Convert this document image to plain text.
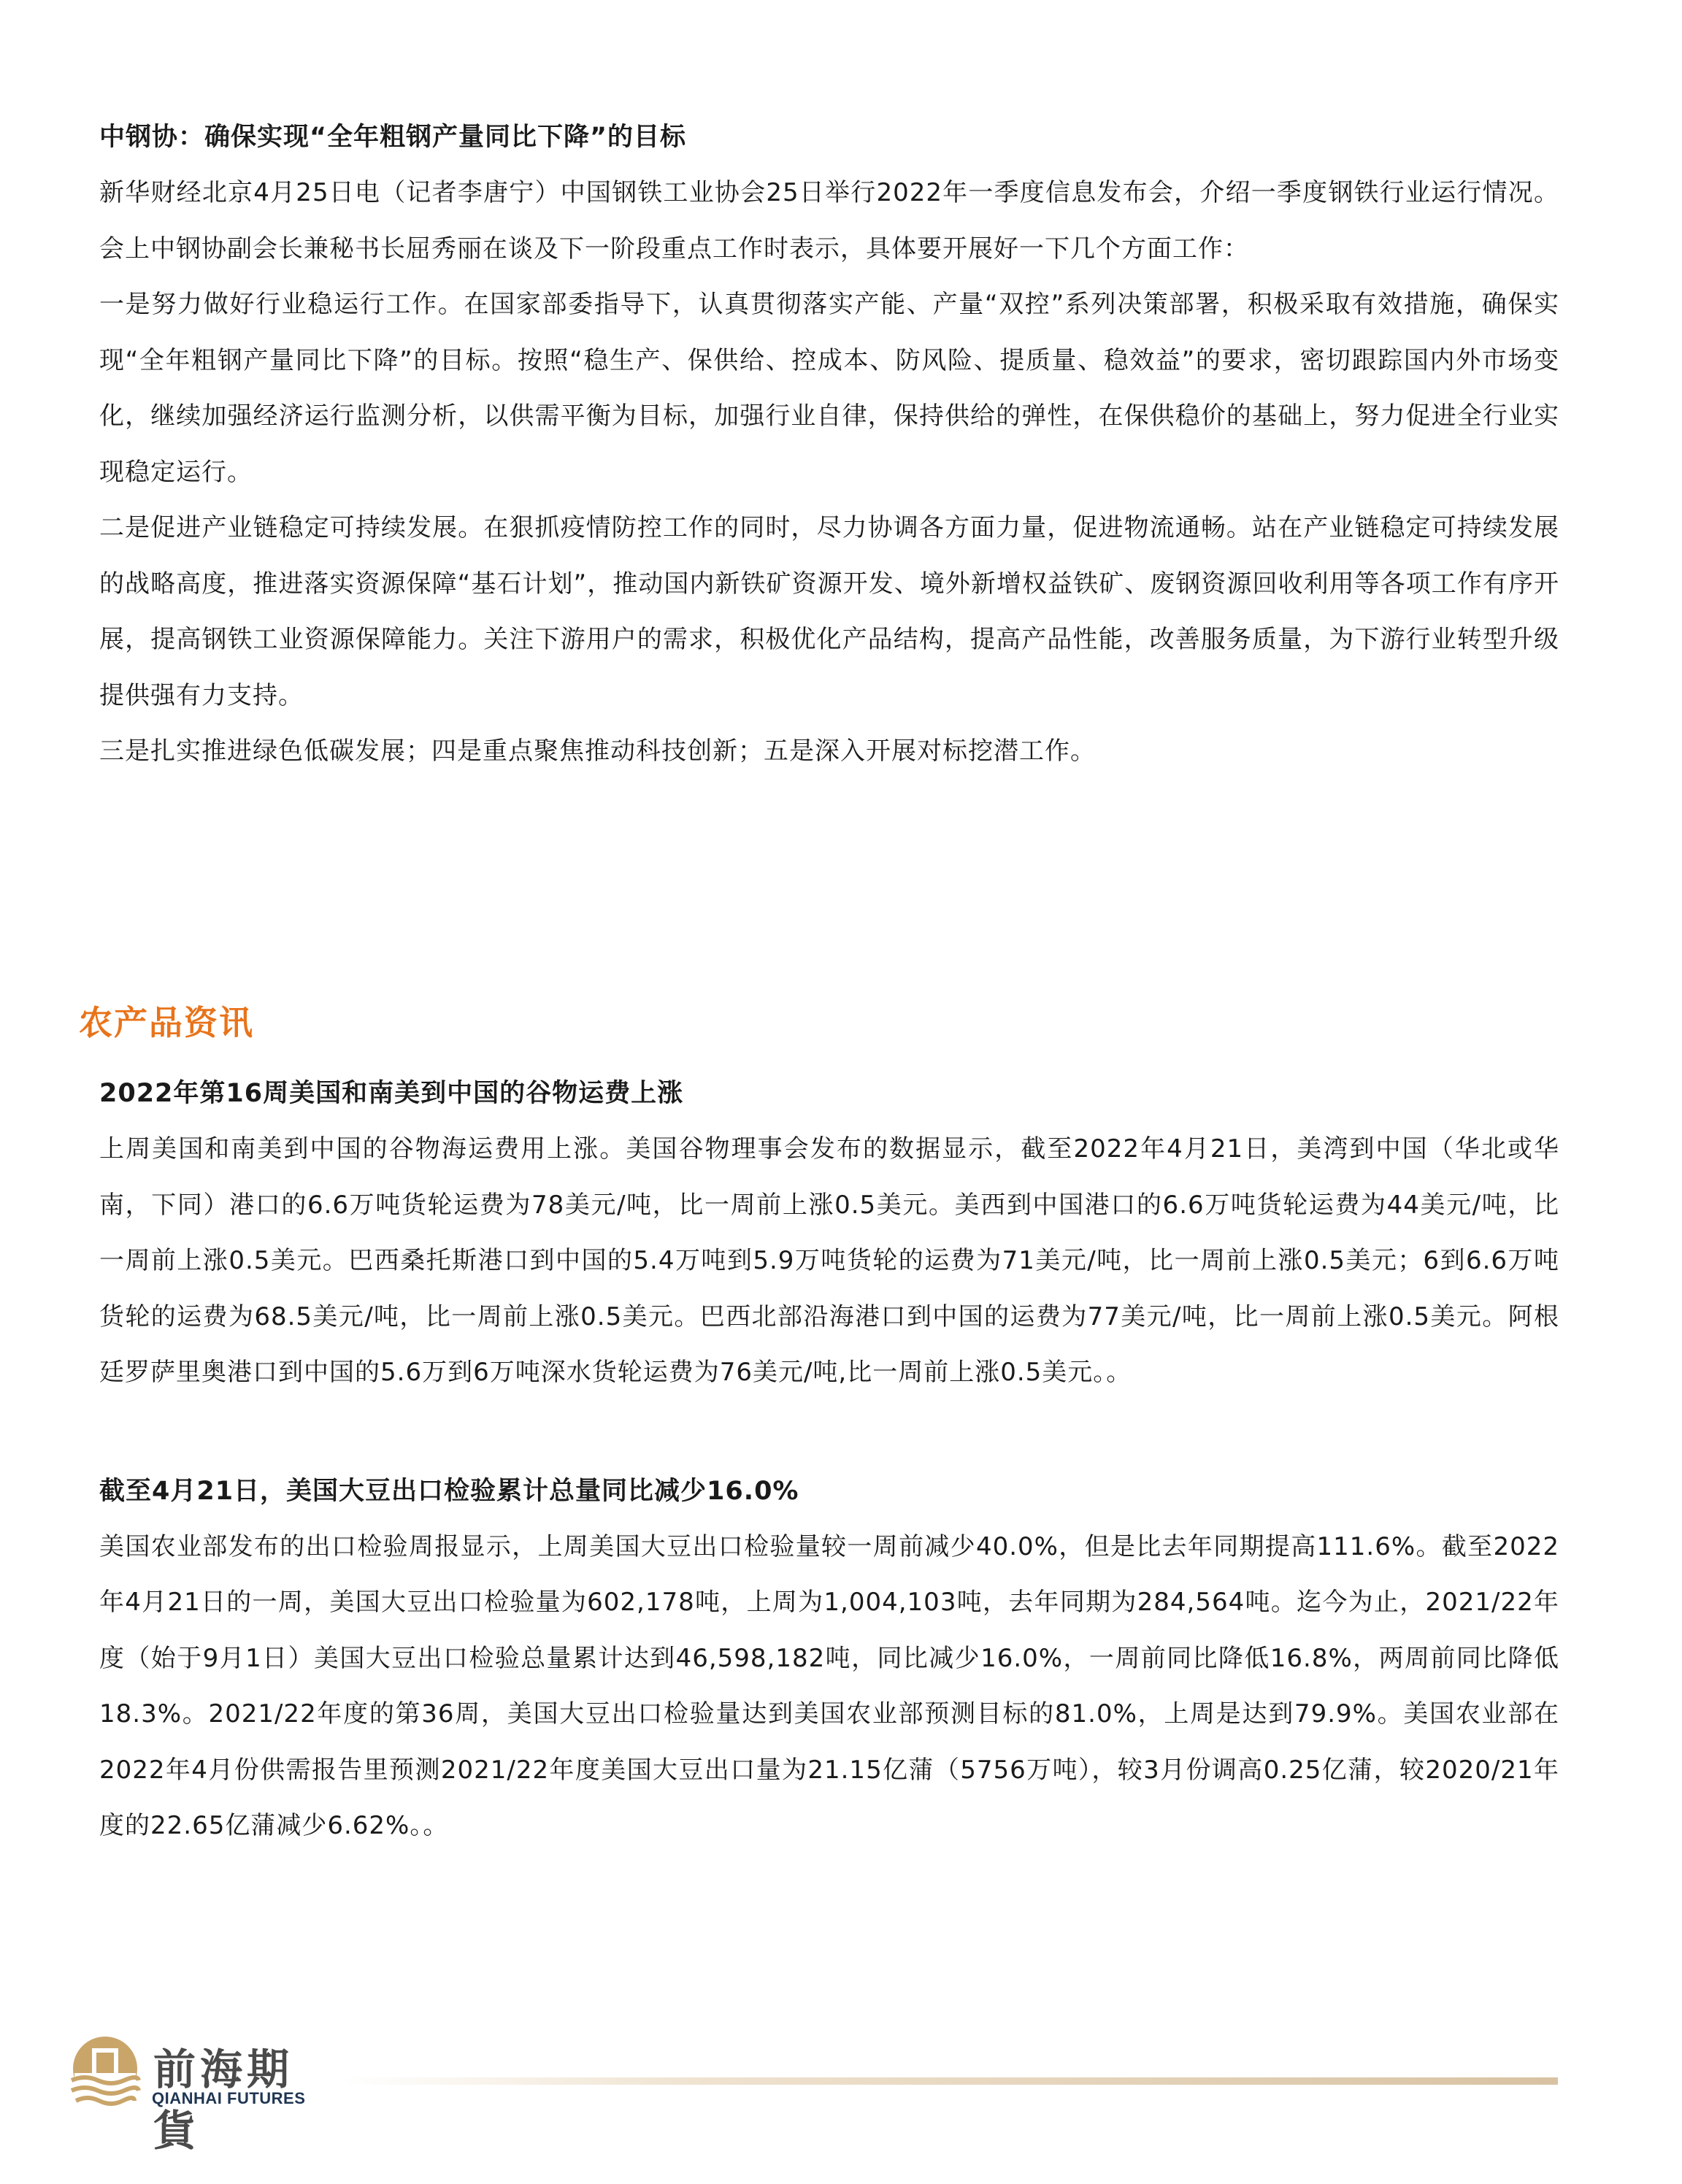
中钢协：确保实现“全年粗钢产量同比下降”的目标

新华财经北京4月25日电（记者李唐宁）中国钢铁工业协会25日举行2022年一季度信息发布会，介绍一季度钢铁行业运行情况。会上中钢协副会长兼秘书长屈秀丽在谈及下一阶段重点工作时表示，具体要开展好一下几个方面工作：

一是努力做好行业稳运行工作。在国家部委指导下，认真贯彻落实产能、产量“双控”系列决策部署，积极采取有效措施，确保实现“全年粗钢产量同比下降”的目标。按照“稳生产、保供给、控成本、防风险、提质量、稳效益”的要求，密切跟踪国内外市场变化，继续加强经济运行监测分析，以供需平衡为目标，加强行业自律，保持供给的弹性，在保供稳价的基础上，努力促进全行业实现稳定运行。

二是促进产业链稳定可持续发展。在狠抓疫情防控工作的同时，尽力协调各方面力量，促进物流通畅。站在产业链稳定可持续发展的战略高度，推进落实资源保障“基石计划”，推动国内新铁矿资源开发、境外新增权益铁矿、废钢资源回收利用等各项工作有序开展，提高钢铁工业资源保障能力。关注下游用户的需求，积极优化产品结构，提高产品性能，改善服务质量，为下游行业转型升级提供强有力支持。

三是扎实推进绿色低碳发展；四是重点聚焦推动科技创新；五是深入开展对标挖潜工作。

农产品资讯

2022年第16周美国和南美到中国的谷物运费上涨

上周美国和南美到中国的谷物海运费用上涨。美国谷物理事会发布的数据显示，截至2022年4月21日，美湾到中国（华北或华南，下同）港口的6.6万吨货轮运费为78美元/吨，比一周前上涨0.5美元。美西到中国港口的6.6万吨货轮运费为44美元/吨，比一周前上涨0.5美元。巴西桑托斯港口到中国的5.4万吨到5.9万吨货轮的运费为71美元/吨，比一周前上涨0.5美元；6到6.6万吨货轮的运费为68.5美元/吨，比一周前上涨0.5美元。巴西北部沿海港口到中国的运费为77美元/吨，比一周前上涨0.5美元。阿根廷罗萨里奥港口到中国的5.6万到6万吨深水货轮运费为76美元/吨,比一周前上涨0.5美元。。

截至4月21日，美国大豆出口检验累计总量同比减少16.0%

美国农业部发布的出口检验周报显示，上周美国大豆出口检验量较一周前减少40.0%，但是比去年同期提高111.6%。截至2022年4月21日的一周，美国大豆出口检验量为602,178吨，上周为1,004,103吨，去年同期为284,564吨。迄今为止，2021/22年度（始于9月1日）美国大豆出口检验总量累计达到46,598,182吨，同比减少16.0%，一周前同比降低16.8%，两周前同比降低18.3%。2021/22年度的第36周，美国大豆出口检验量达到美国农业部预测目标的81.0%，上周是达到79.9%。美国农业部在2022年4月份供需报告里预测2021/22年度美国大豆出口量为21.15亿蒲（5756万吨），较3月份调高0.25亿蒲，较2020/21年度的22.65亿蒲减少6.62%。。

前海期貨

QIANHAI FUTURES
